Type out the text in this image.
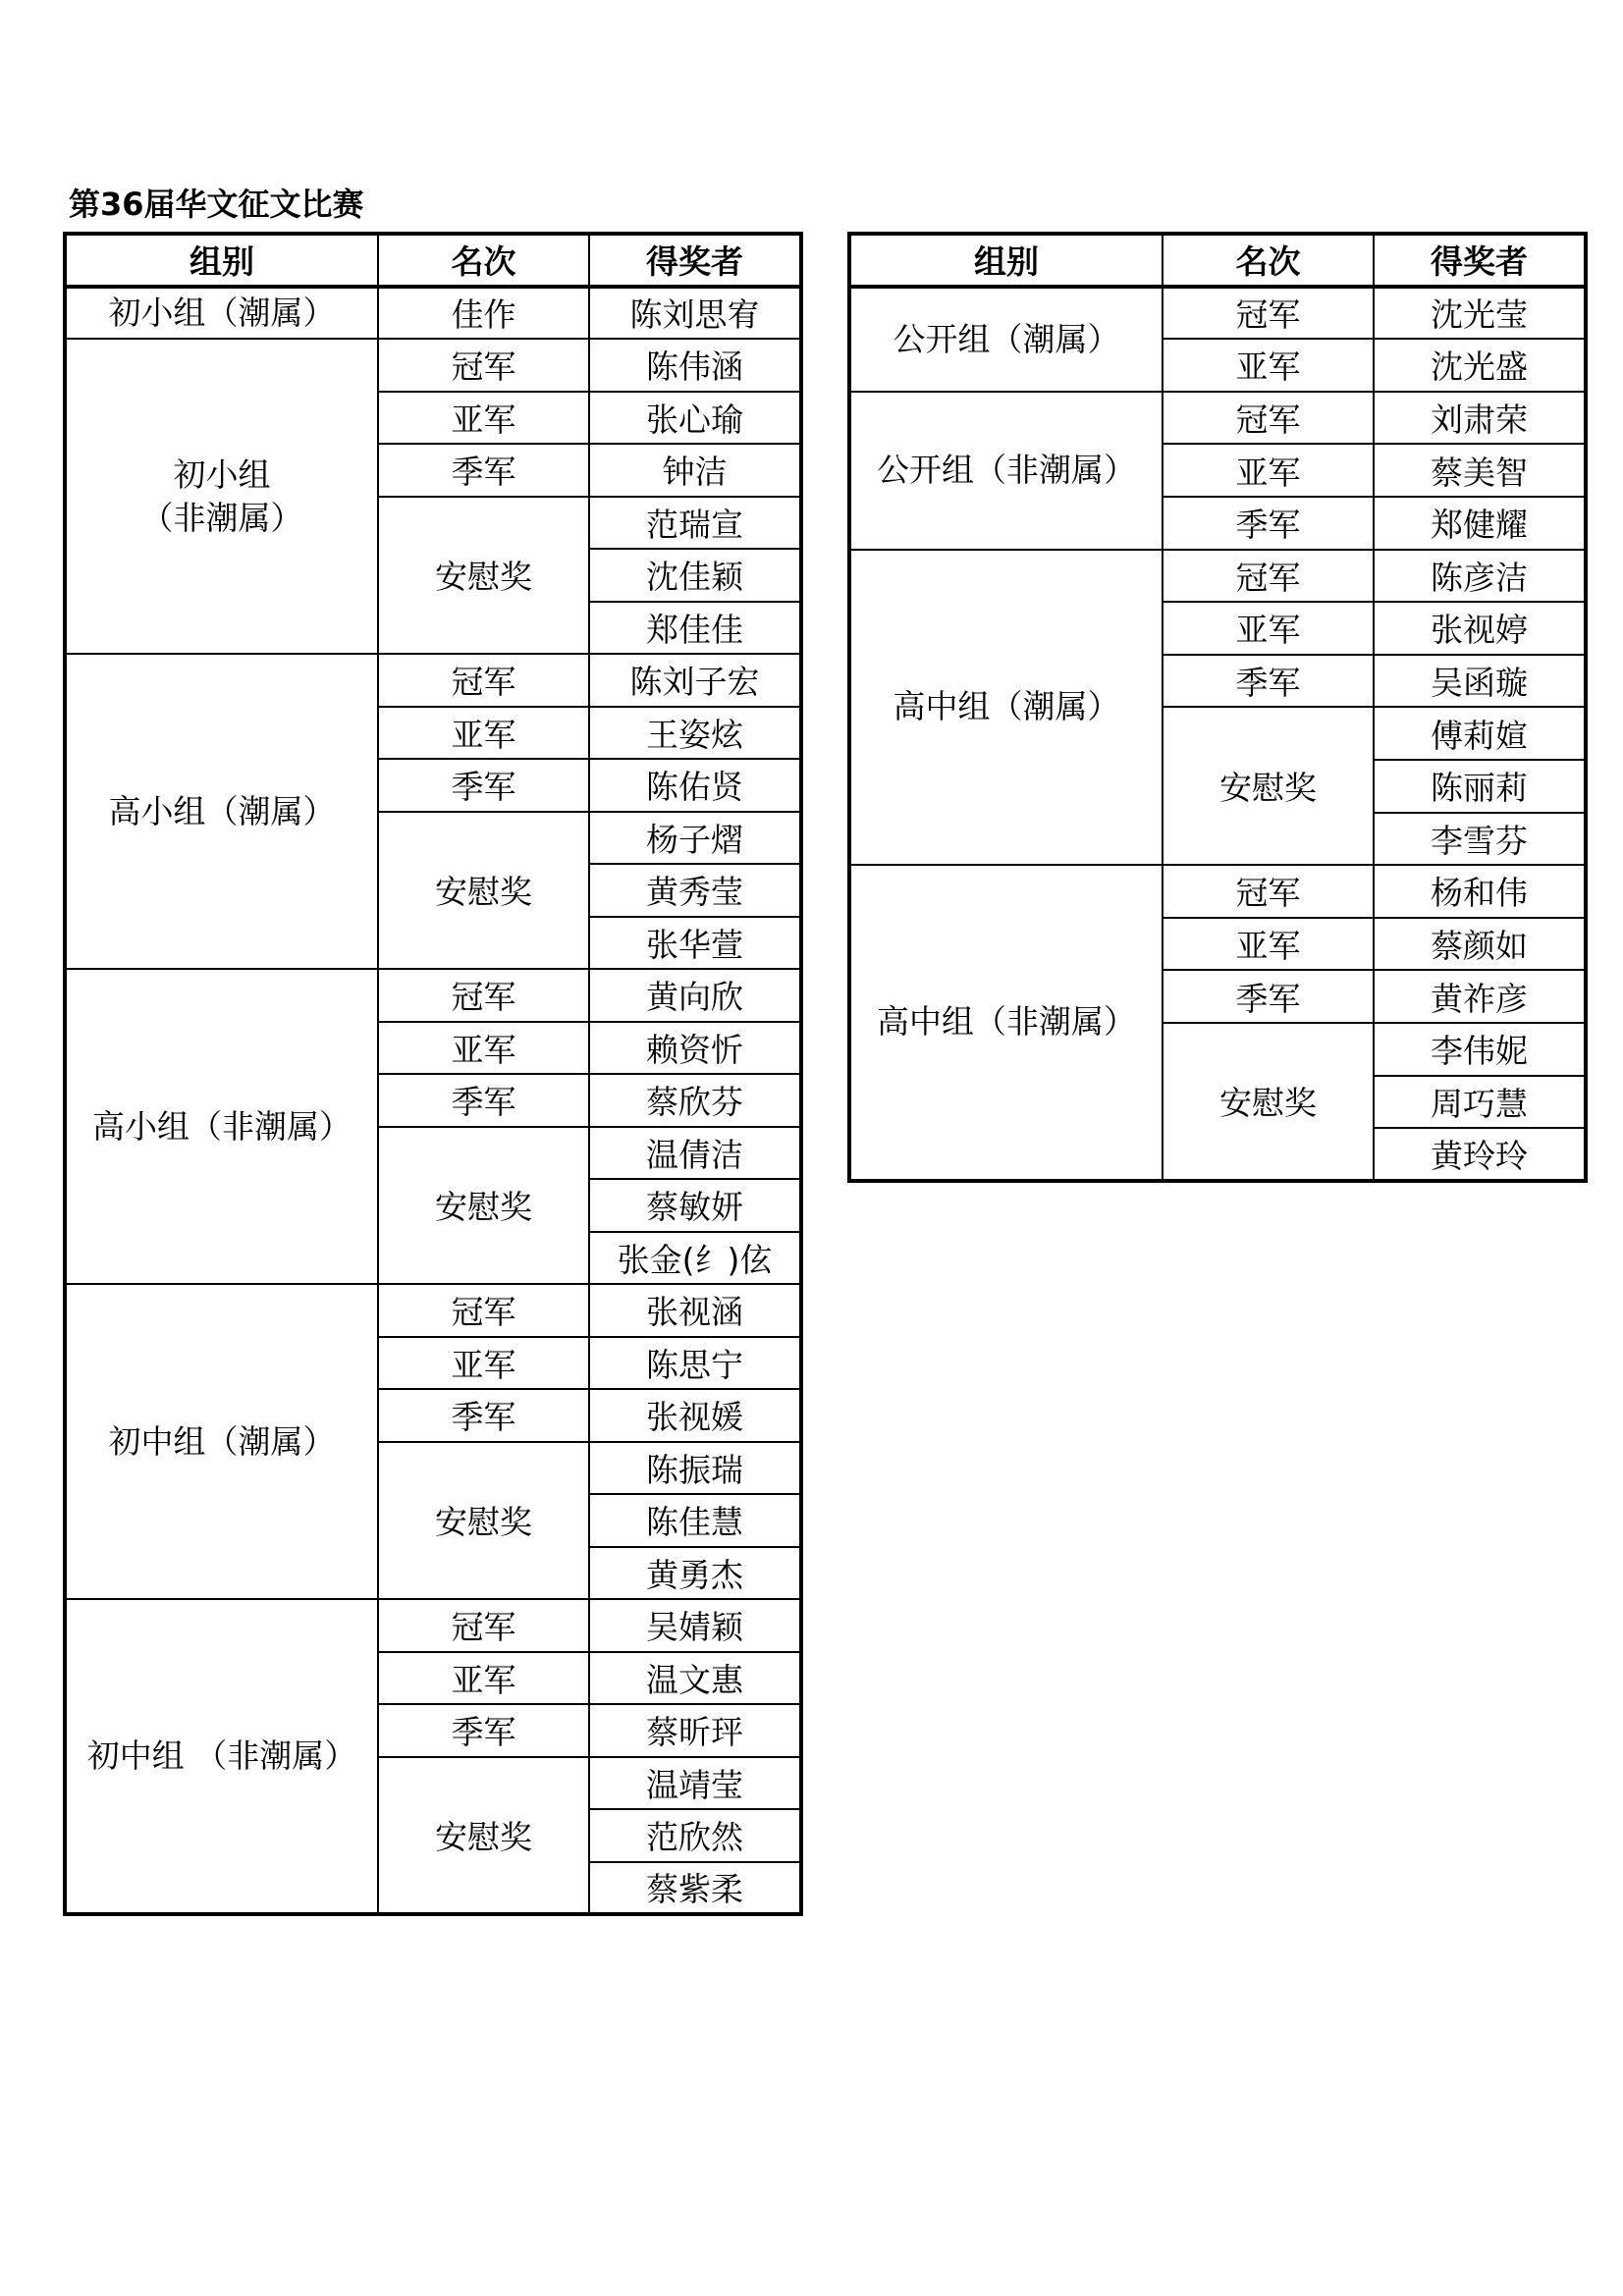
第36届华文征文比赛
组别	名次	得奖者
初小组（潮属）	佳作	陈刘思宥
初小组
（非潮属）	冠军	陈伟涵
	亚军	张心瑜
	季军	钟洁
	安慰奖	范瑞宣
		沈佳颖
		郑佳佳
高小组（潮属）	冠军	陈刘子宏
	亚军	王姿炫
	季军	陈佑贤
	安慰奖	杨子熠
		黄秀莹
		张华萱
高小组（非潮属）	冠军	黄向欣
	亚军	赖资忻
	季军	蔡欣芬
	安慰奖	温倩洁
		蔡敏妍
		张金(纟)伭
初中组（潮属）	冠军	张视涵
	亚军	陈思宁
	季军	张视媛
	安慰奖	陈振瑞
		陈佳慧
		黄勇杰
初中组 （非潮属）	冠军	吴婧颖
	亚军	温文惠
	季军	蔡昕玶
	安慰奖	温靖莹
		范欣然
		蔡紫柔
组别	名次	得奖者
公开组（潮属）	冠军	沈光莹
	亚军	沈光盛
公开组（非潮属）	冠军	刘肃荣
	亚军	蔡美智
	季军	郑健耀
高中组（潮属）	冠军	陈彦洁
	亚军	张视婷
	季军	吴函璇
	安慰奖	傅莉媗
		陈丽莉
		李雪芬
高中组（非潮属）	冠军	杨和伟
	亚军	蔡颜如
	季军	黄祚彦
	安慰奖	李伟妮
		周巧慧
		黄玲玲
